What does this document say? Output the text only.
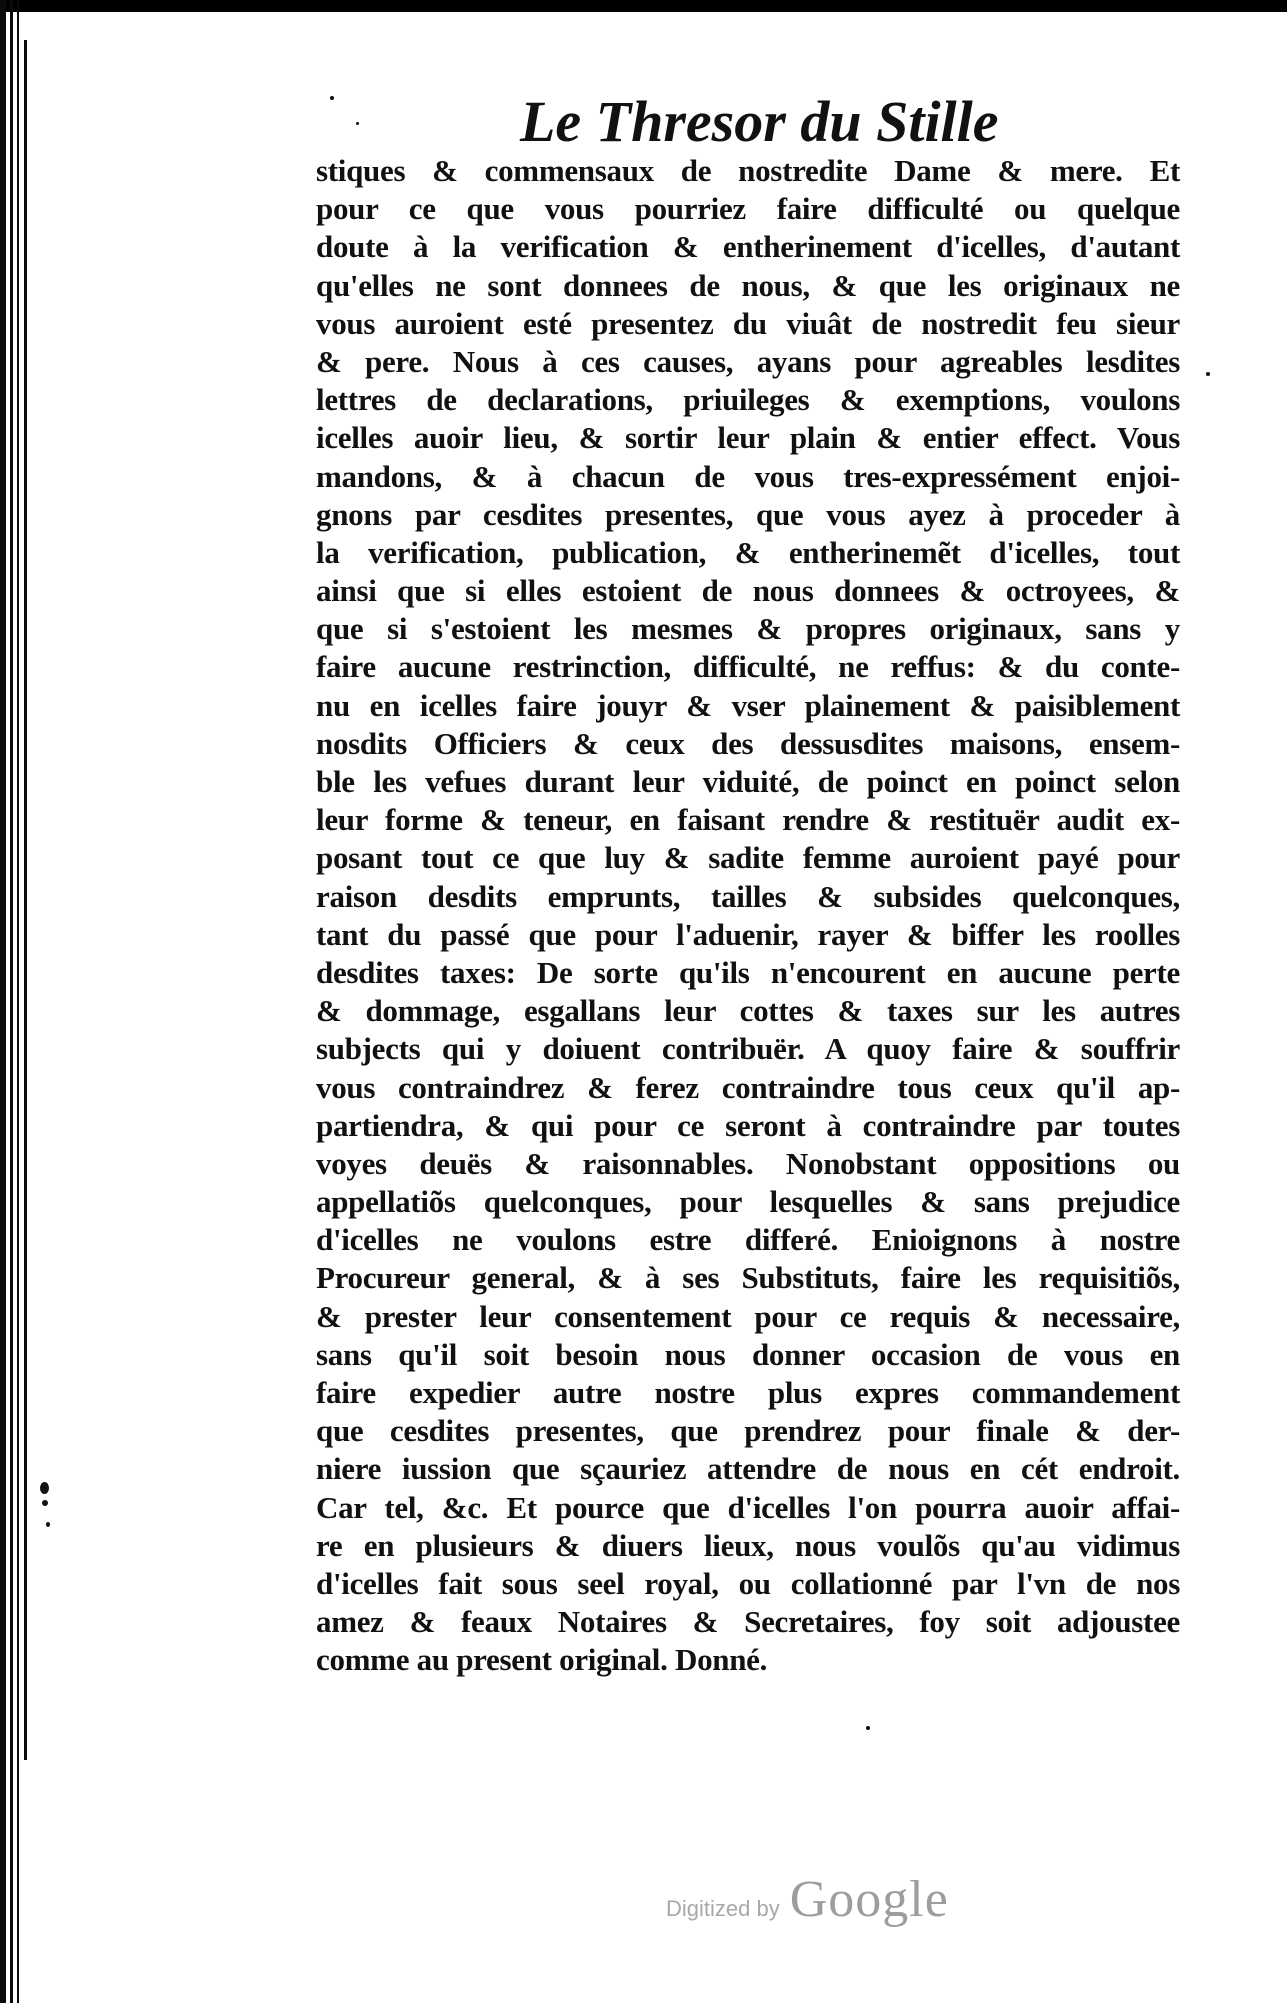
Le Thresor du Stille
stiques & commensaux de nostredite Dame & mere. Et
pour ce que vous pourriez faire difficulté ou quelque
doute à la verification & entherinement d'icelles, d'autant
qu'elles ne sont donnees de nous, & que les originaux ne
vous auroient esté presentez du viuât de nostredit feu sieur
& pere. Nous à ces causes, ayans pour agreables lesdites
lettres de declarations, priuileges & exemptions, voulons
icelles auoir lieu, & sortir leur plain & entier effect. Vous
mandons, & à chacun de vous tres-expressément enjoi-
gnons par cesdites presentes, que vous ayez à proceder à
la verification, publication, & entherinemẽt d'icelles, tout
ainsi que si elles estoient de nous donnees & octroyees, &
que si s'estoient les mesmes & propres originaux, sans y
faire aucune restrinction, difficulté, ne reffus: & du conte-
nu en icelles faire jouyr & vser plainement & paisiblement
nosdits Officiers & ceux des dessusdites maisons, ensem-
ble les vefues durant leur viduité, de poinct en poinct selon
leur forme & teneur, en faisant rendre & restituër audit ex-
posant tout ce que luy & sadite femme auroient payé pour
raison desdits emprunts, tailles & subsides quelconques,
tant du passé que pour l'aduenir, rayer & biffer les roolles
desdites taxes: De sorte qu'ils n'encourent en aucune perte
& dommage, esgallans leur cottes & taxes sur les autres
subjects qui y doiuent contribuër. A quoy faire & souffrir
vous contraindrez & ferez contraindre tous ceux qu'il ap-
partiendra, & qui pour ce seront à contraindre par toutes
voyes deuës & raisonnables. Nonobstant oppositions ou
appellatiõs quelconques, pour lesquelles & sans prejudice
d'icelles ne voulons estre differé. Enioignons à nostre
Procureur general, & à ses Substituts, faire les requisitiõs,
& prester leur consentement pour ce requis & necessaire,
sans qu'il soit besoin nous donner occasion de vous en
faire expedier autre nostre plus expres commandement
que cesdites presentes, que prendrez pour finale & der-
niere iussion que sçauriez attendre de nous en cét endroit.
Car tel, &c. Et pource que d'icelles l'on pourra auoir affai-
re en plusieurs & diuers lieux, nous voulõs qu'au vidimus
d'icelles fait sous seel royal, ou collationné par l'vn de nos
amez & feaux Notaires & Secretaires, foy soit adjoustee
comme au present original. Donné.
Digitized by Google
